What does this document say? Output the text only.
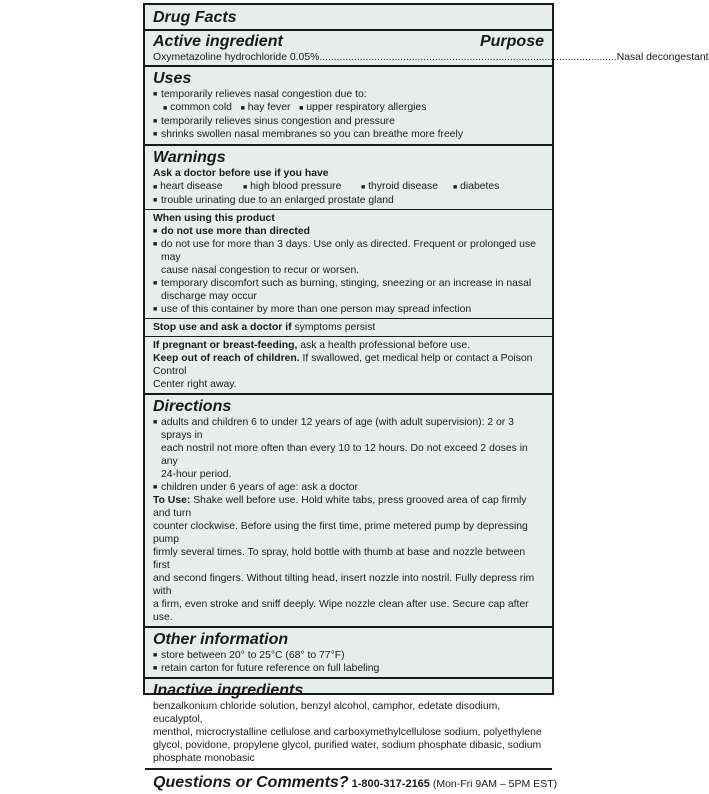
Drug Facts
Active ingredient	Purpose
Oxymetazoline hydrochloride 0.05% ....................................................................................................... Nasal decongestant
Uses
■ temporarily relieves nasal congestion due to:
■ common cold ■ hay fever ■ upper respiratory allergies
■ temporarily relieves sinus congestion and pressure
■ shrinks swollen nasal membranes so you can breathe more freely
Warnings
Ask a doctor before use if you have
■ heart disease	■ high blood pressure	■ thyroid disease	■ diabetes
■ trouble urinating due to an enlarged prostate gland
When using this product
■ do not use more than directed
■ do not use for more than 3 days. Use only as directed. Frequent or prolonged use may
cause nasal congestion to recur or worsen.
■ temporary discomfort such as burning, stinging, sneezing or an increase in nasal
discharge may occur
■ use of this container by more than one person may spread infection
Stop use and ask a doctor if symptoms persist
If pregnant or breast-feeding, ask a health professional before use.
Keep out of reach of children. If swallowed, get medical help or contact a Poison Control
Center right away.
Directions
■ adults and children 6 to under 12 years of age (with adult supervision): 2 or 3 sprays in
each nostril not more often than every 10 to 12 hours. Do not exceed 2 doses in any
24-hour period.
■ children under 6 years of age: ask a doctor
To Use: Shake well before use. Hold white tabs, press grooved area of cap firmly and turn
counter clockwise. Before using the first time, prime metered pump by depressing pump
firmly several times. To spray, hold bottle with thumb at base and nozzle between first
and second fingers. Without tilting head, insert nozzle into nostril. Fully depress rim with
a firm, even stroke and sniff deeply. Wipe nozzle clean after use. Secure cap after use.
Other information
■ store between 20° to 25°C (68° to 77°F)
■ retain carton for future reference on full labeling
Inactive ingredients
benzalkonium chloride solution, benzyl alcohol, camphor, edetate disodium, eucalyptol,
menthol, microcrystalline cellulose and carboxymethylcellulose sodium, polyethylene
glycol, povidone, propylene glycol, purified water, sodium phosphate dibasic, sodium
phosphate monobasic
Questions or Comments? 1-800-317-2165 (Mon-Fri 9AM – 5PM EST)
